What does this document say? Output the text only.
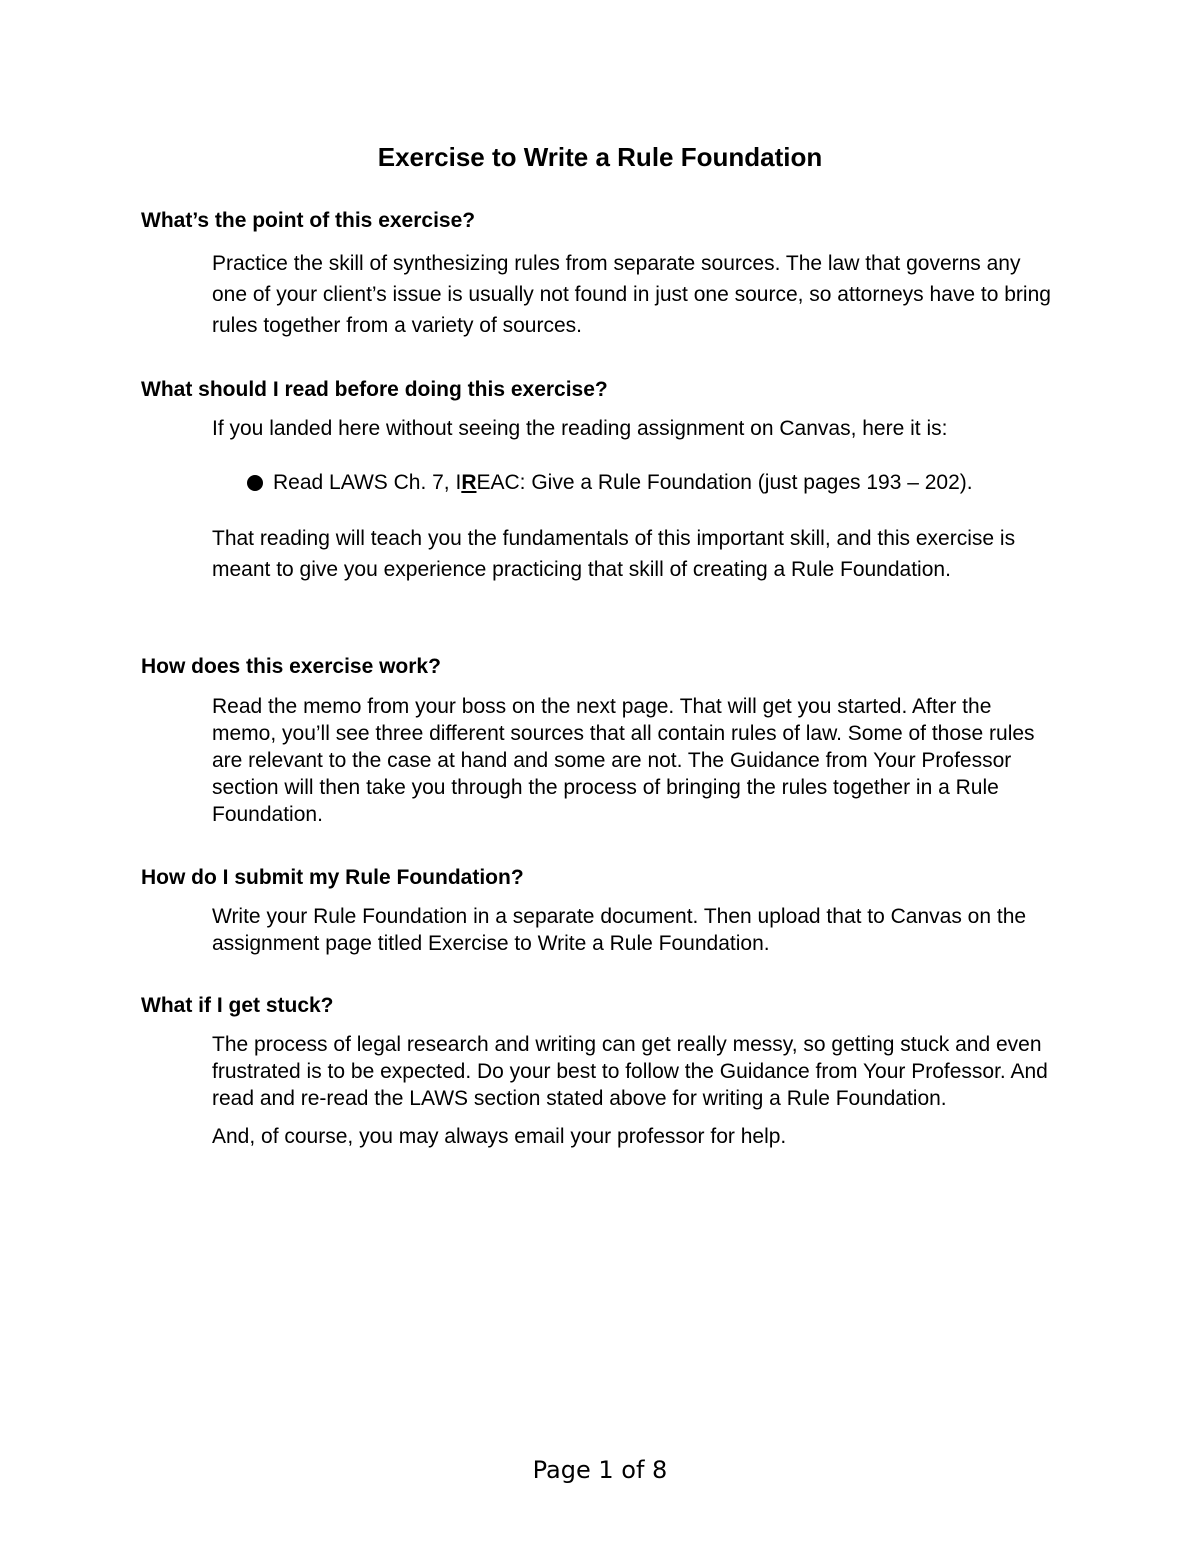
Exercise to Write a Rule Foundation
What’s the point of this exercise?

Practice the skill of synthesizing rules from separate sources. The law that governs any one of your client’s issue is usually not found in just one source, so attorneys have to bring rules together from a variety of sources.

What should I read before doing this exercise?

If you landed here without seeing the reading assignment on Canvas, here it is:

Read LAWS Ch. 7, IREAC: Give a Rule Foundation (just pages 193 – 202).

That reading will teach you the fundamentals of this important skill, and this exercise is meant to give you experience practicing that skill of creating a Rule Foundation.

How does this exercise work?

Read the memo from your boss on the next page. That will get you started. After the memo, you’ll see three different sources that all contain rules of law. Some of those rules are relevant to the case at hand and some are not. The Guidance from Your Professor section will then take you through the process of bringing the rules together in a Rule Foundation.

How do I submit my Rule Foundation?

Write your Rule Foundation in a separate document. Then upload that to Canvas on the assignment page titled Exercise to Write a Rule Foundation.

What if I get stuck?

The process of legal research and writing can get really messy, so getting stuck and even frustrated is to be expected. Do your best to follow the Guidance from Your Professor. And read and re-read the LAWS section stated above for writing a Rule Foundation.

And, of course, you may always email your professor for help.

Page 1 of 8
